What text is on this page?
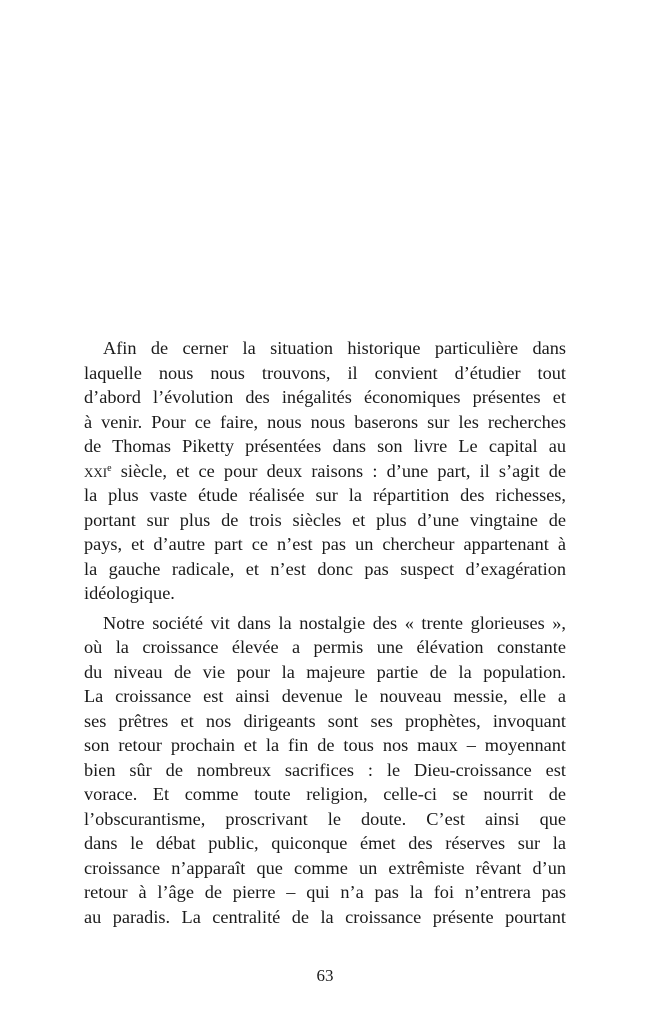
Afin de cerner la situation historique particulière dans
laquelle nous nous trouvons, il convient d’étudier tout
d’abord l’évolution des inégalités économiques présentes et
à venir. Pour ce faire, nous nous baserons sur les recherches
de Thomas Piketty présentées dans son livre Le capital au
xxi$^e$ siècle, et ce pour deux raisons : d’une part, il s’agit de
la plus vaste étude réalisée sur la répartition des richesses,
portant sur plus de trois siècles et plus d’une vingtaine de
pays, et d’autre part ce n’est pas un chercheur appartenant à
la gauche radicale, et n’est donc pas suspect d’exagération
idéologique.
Notre société vit dans la nostalgie des « trente glorieuses »,
où la croissance élevée a permis une élévation constante
du niveau de vie pour la majeure partie de la population.
La croissance est ainsi devenue le nouveau messie, elle a
ses prêtres et nos dirigeants sont ses prophètes, invoquant
son retour prochain et la fin de tous nos maux – moyennant
bien sûr de nombreux sacrifices : le Dieu-croissance est
vorace. Et comme toute religion, celle-ci se nourrit de
l’obscurantisme, proscrivant le doute. C’est ainsi que
dans le débat public, quiconque émet des réserves sur la
croissance n’apparaît que comme un extrêmiste rêvant d’un
retour à l’âge de pierre – qui n’a pas la foi n’entrera pas
au paradis. La centralité de la croissance présente pourtant
63
